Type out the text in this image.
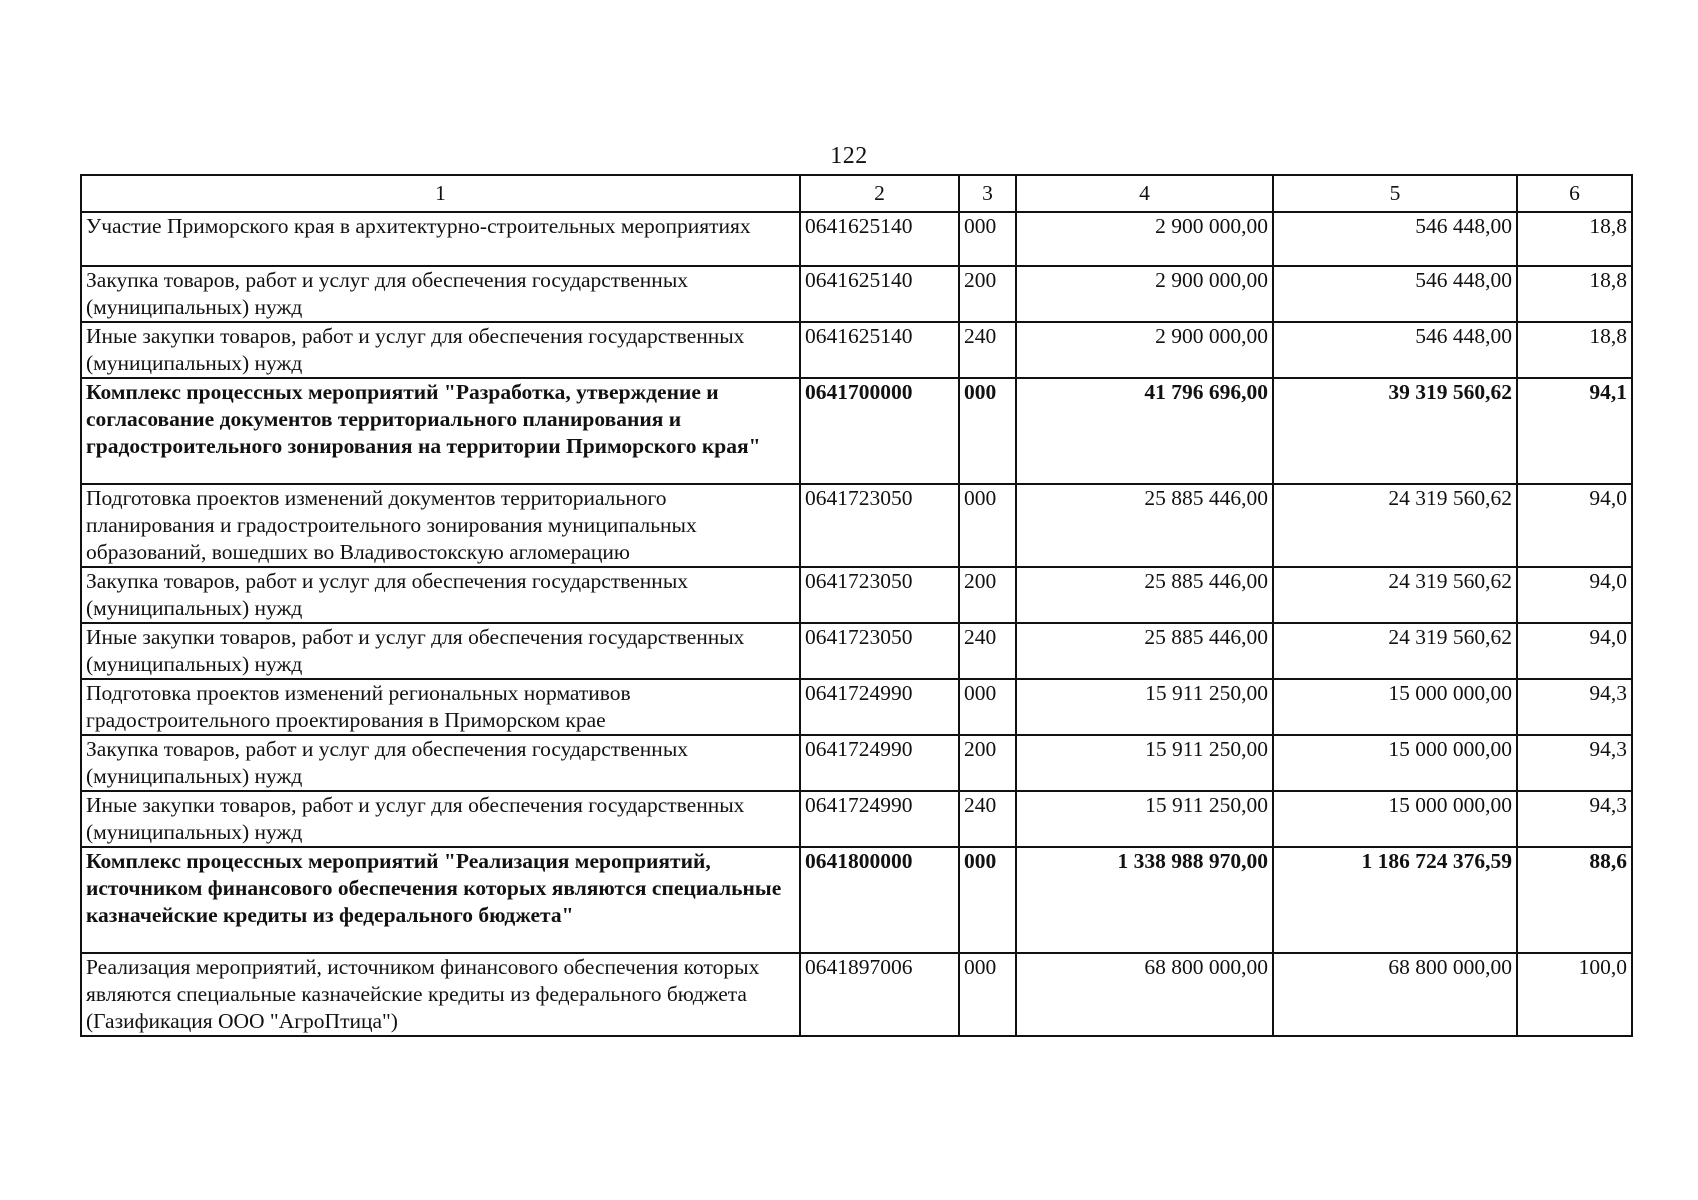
122
1	2	3	4	5	6
Участие Приморского края в архитектурно-строительных мероприятиях	0641625140	000	2 900 000,00	546 448,00	18,8
Закупка товаров, работ и услуг для обеспечения государственных (муниципальных) нужд	0641625140	200	2 900 000,00	546 448,00	18,8
Иные закупки товаров, работ и услуг для обеспечения государственных (муниципальных) нужд	0641625140	240	2 900 000,00	546 448,00	18,8
Комплекс процессных мероприятий "Разработка, утверждение и согласование документов территориального планирования и градостроительного зонирования на территории Приморского края"	0641700000	000	41 796 696,00	39 319 560,62	94,1
Подготовка проектов изменений документов территориального планирования и градостроительного зонирования муниципальных образований, вошедших во Владивостокскую агломерацию	0641723050	000	25 885 446,00	24 319 560,62	94,0
Закупка товаров, работ и услуг для обеспечения государственных (муниципальных) нужд	0641723050	200	25 885 446,00	24 319 560,62	94,0
Иные закупки товаров, работ и услуг для обеспечения государственных (муниципальных) нужд	0641723050	240	25 885 446,00	24 319 560,62	94,0
Подготовка проектов изменений региональных нормативов градостроительного проектирования в Приморском крае	0641724990	000	15 911 250,00	15 000 000,00	94,3
Закупка товаров, работ и услуг для обеспечения государственных (муниципальных) нужд	0641724990	200	15 911 250,00	15 000 000,00	94,3
Иные закупки товаров, работ и услуг для обеспечения государственных (муниципальных) нужд	0641724990	240	15 911 250,00	15 000 000,00	94,3
Комплекс процессных мероприятий "Реализация мероприятий, источником финансового обеспечения которых являются специальные казначейские кредиты из федерального бюджета"	0641800000	000	1 338 988 970,00	1 186 724 376,59	88,6
Реализация мероприятий, источником финансового обеспечения которых являются специальные казначейские кредиты из федерального бюджета (Газификация ООО "АгроПтица")	0641897006	000	68 800 000,00	68 800 000,00	100,0
